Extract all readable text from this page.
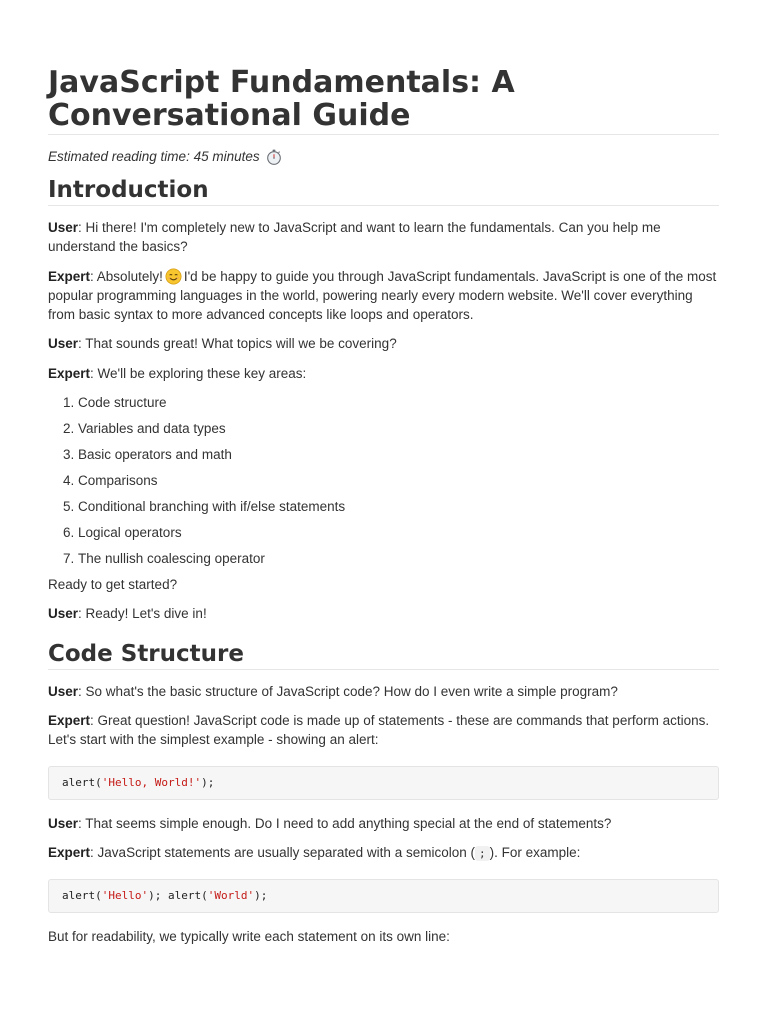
JavaScript Fundamentals: A Conversational Guide
Estimated reading time: 45 minutes
Introduction

User: Hi there! I'm completely new to JavaScript and want to learn the fundamentals. Can you help me understand the basics?

Expert: Absolutely! I'd be happy to guide you through JavaScript fundamentals. JavaScript is one of the most popular programming languages in the world, powering nearly every modern website. We'll cover everything from basic syntax to more advanced concepts like loops and operators.

User: That sounds great! What topics will we be covering?

Expert: We'll be exploring these key areas:

1. Code structure
2. Variables and data types
3. Basic operators and math
4. Comparisons
5. Conditional branching with if/else statements
6. Logical operators
7. The nullish coalescing operator

Ready to get started?

User: Ready! Let's dive in!

Code Structure

User: So what's the basic structure of JavaScript code? How do I even write a simple program?

Expert: Great question! JavaScript code is made up of statements - these are commands that perform actions. Let's start with the simplest example - showing an alert:

alert('Hello, World!');

User: That seems simple enough. Do I need to add anything special at the end of statements?

Expert: JavaScript statements are usually separated with a semicolon ( ; ). For example:

alert('Hello'); alert('World');

But for readability, we typically write each statement on its own line:
